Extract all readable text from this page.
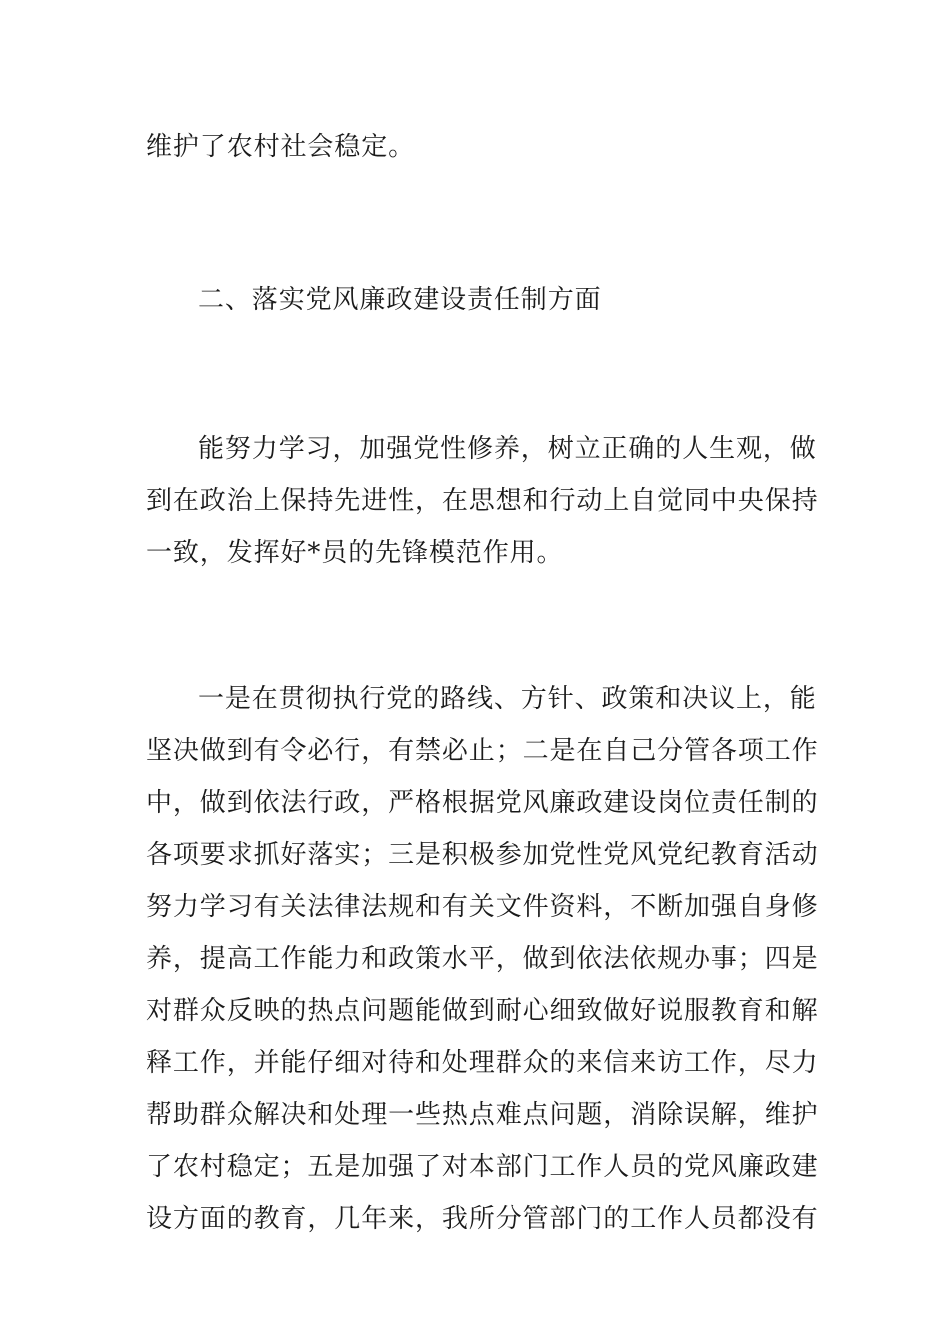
维护了农村社会稳定。
二、落实党风廉政建设责任制方面
能努力学习，加强党性修养，树立正确的人生观，做
到在政治上保持先进性，在思想和行动上自觉同中央保持
一致，发挥好*员的先锋模范作用。
一是在贯彻执行党的路线、方针、政策和决议上，能
坚决做到有令必行，有禁必止；二是在自己分管各项工作
中，做到依法行政，严格根据党风廉政建设岗位责任制的
各项要求抓好落实；三是积极参加党性党风党纪教育活动
努力学习有关法律法规和有关文件资料，不断加强自身修
养，提高工作能力和政策水平，做到依法依规办事；四是
对群众反映的热点问题能做到耐心细致做好说服教育和解
释工作，并能仔细对待和处理群众的来信来访工作，尽力
帮助群众解决和处理一些热点难点问题，消除误解，维护
了农村稳定；五是加强了对本部门工作人员的党风廉政建
设方面的教育，几年来，我所分管部门的工作人员都没有
